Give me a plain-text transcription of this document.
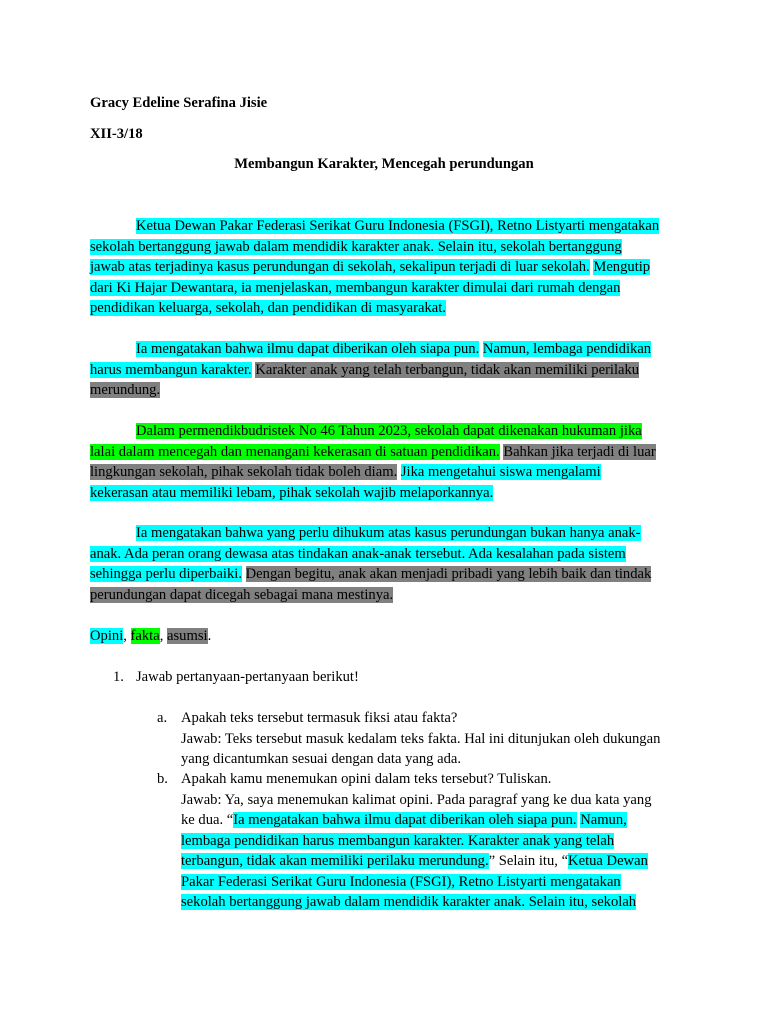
Gracy Edeline Serafina Jisie
XII-3/18
Membangun Karakter, Mencegah perundungan
Ketua Dewan Pakar Federasi Serikat Guru Indonesia (FSGI), Retno Listyarti mengatakan
sekolah bertanggung jawab dalam mendidik karakter anak. Selain itu, sekolah bertanggung
jawab atas terjadinya kasus perundungan di sekolah, sekalipun terjadi di luar sekolah. Mengutip
dari Ki Hajar Dewantara, ia menjelaskan, membangun karakter dimulai dari rumah dengan
pendidikan keluarga, sekolah, dan pendidikan di masyarakat.
Ia mengatakan bahwa ilmu dapat diberikan oleh siapa pun. Namun, lembaga pendidikan
harus membangun karakter. Karakter anak yang telah terbangun, tidak akan memiliki perilaku
merundung.
Dalam permendikbudristek No 46 Tahun 2023, sekolah dapat dikenakan hukuman jika
lalai dalam mencegah dan menangani kekerasan di satuan pendidikan. Bahkan jika terjadi di luar
lingkungan sekolah, pihak sekolah tidak boleh diam. Jika mengetahui siswa mengalami
kekerasan atau memiliki lebam, pihak sekolah wajib melaporkannya.
Ia mengatakan bahwa yang perlu dihukum atas kasus perundungan bukan hanya anak-
anak. Ada peran orang dewasa atas tindakan anak-anak tersebut. Ada kesalahan pada sistem
sehingga perlu diperbaiki. Dengan begitu, anak akan menjadi pribadi yang lebih baik dan tindak
perundungan dapat dicegah sebagai mana mestinya.
Opini, fakta, asumsi.
1. Jawab pertanyaan-pertanyaan berikut!
a. Apakah teks tersebut termasuk fiksi atau fakta?
Jawab: Teks tersebut masuk kedalam teks fakta. Hal ini ditunjukan oleh dukungan
yang dicantumkan sesuai dengan data yang ada.
b. Apakah kamu menemukan opini dalam teks tersebut? Tuliskan.
Jawab: Ya, saya menemukan kalimat opini. Pada paragraf yang ke dua kata yang
ke dua. “Ia mengatakan bahwa ilmu dapat diberikan oleh siapa pun. Namun,
lembaga pendidikan harus membangun karakter. Karakter anak yang telah
terbangun, tidak akan memiliki perilaku merundung.” Selain itu, “Ketua Dewan
Pakar Federasi Serikat Guru Indonesia (FSGI), Retno Listyarti mengatakan
sekolah bertanggung jawab dalam mendidik karakter anak. Selain itu, sekolah
